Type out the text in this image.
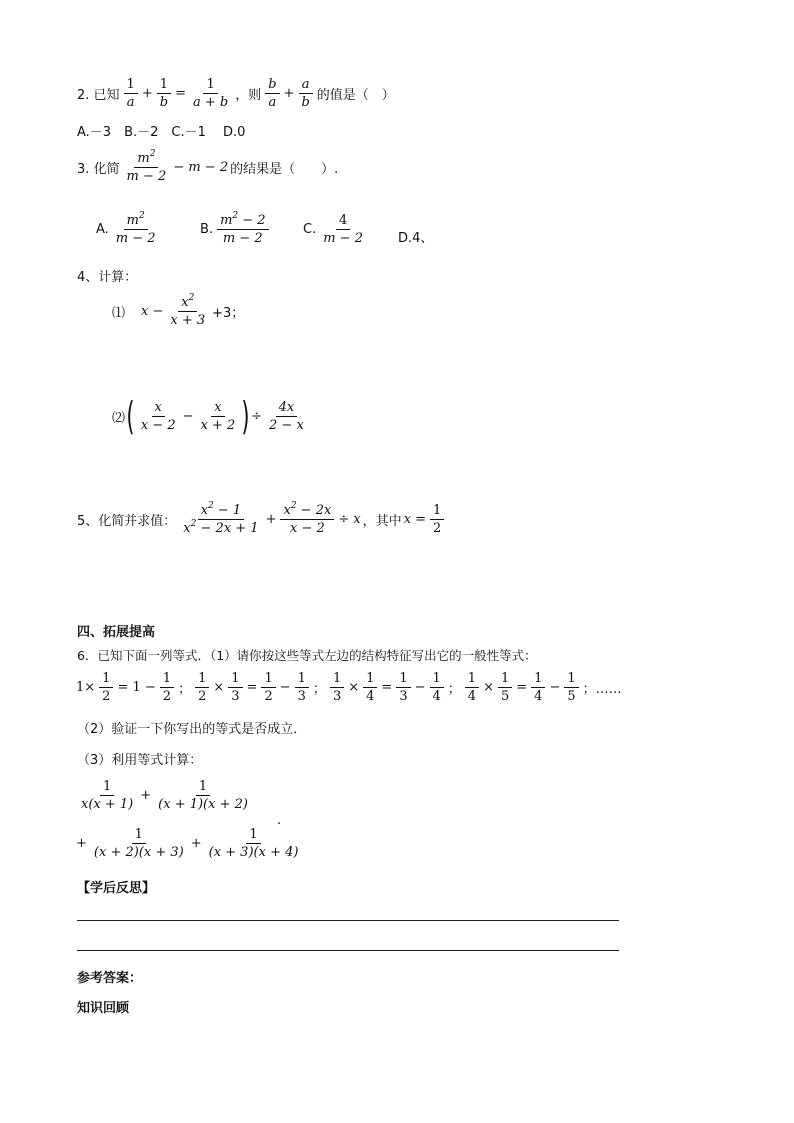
2. 已知 $\frac{1}{a} + \frac{1}{b} = \frac{1}{a + b}$ ，则 $\frac{b}{a} + \frac{a}{b}$ 的值是（　）
A.－3　B.－2　C.－1　 D.0
3. 化简 $\frac{m^2}{m - 2} - m - 2$ 的结果是（　　）.
A. $\frac{m^2}{m - 2}$	B. $\frac{m^2 - 2}{m - 2}$	C. $\frac{4}{m - 2} D.4$、
4、计算：
⑴ $x - \frac{x^2}{x + 3} +3$；
⑵ ( $\frac{x}{x - 2} - \frac{x}{x + 2}$ ) ÷ $\frac{4x}{2 - x}$
5、化简并求值： $\frac{x^2 - 1}{x^2 - 2x + 1} + \frac{x^2 - 2x}{x - 2} \div x$ ，其中 $x = \frac{1}{2}$
四、拓展提高
6．已知下面一列等式．（1）请你按这些等式左边的结构特征写出它的一般性等式：
$1\times \frac{1}{2} = 1 - \frac{1}{2}$ ； $\frac{1}{2} \times \frac{1}{3} = \frac{1}{2} - \frac{1}{3}$ ； $\frac{1}{3} \times \frac{1}{4} = \frac{1}{3} - \frac{1}{4}$ ； $\frac{1}{4} \times \frac{1}{5} = \frac{1}{4} - \frac{1}{5}$ ；……
（2）验证一下你写出的等式是否成立．
（3）利用等式计算：
$\frac{1}{x(x + 1)} + \frac{1}{(x + 1)(x + 2)}$
+ $\frac{1}{(x + 2)(x + 3)} + \frac{1}{(x + 3)(x + 4)}$
.
【学后反思】
参考答案：
知识回顾
